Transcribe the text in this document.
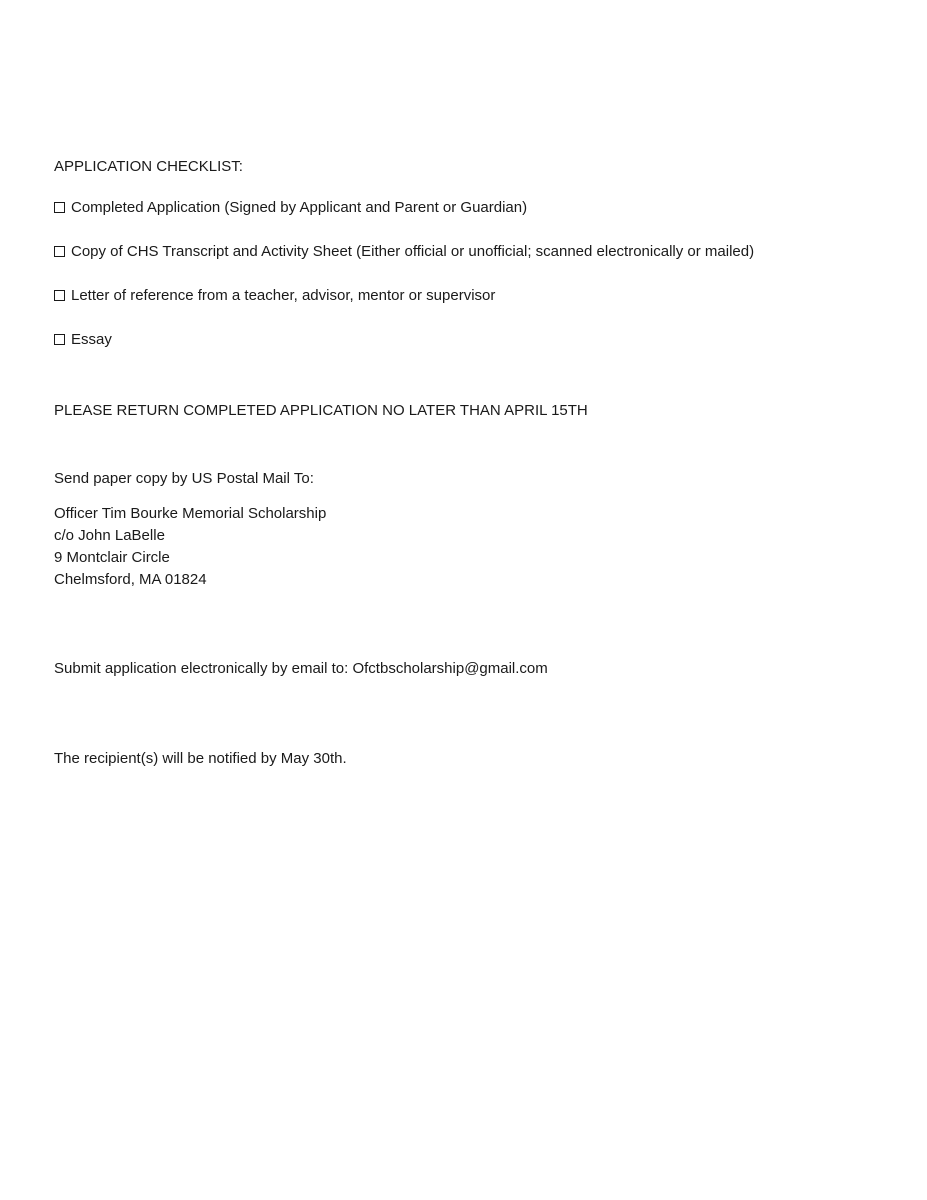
APPLICATION CHECKLIST:
Completed Application (Signed by Applicant and Parent or Guardian)
Copy of CHS Transcript and Activity Sheet (Either official or unofficial; scanned electronically or mailed)
Letter of reference from a teacher, advisor, mentor or supervisor
Essay
PLEASE RETURN COMPLETED APPLICATION NO LATER THAN APRIL 15TH
Send paper copy by US Postal Mail To:
Officer Tim Bourke Memorial Scholarship
c/o John LaBelle
9 Montclair Circle
Chelmsford, MA 01824
Submit application electronically by email to: Ofctbscholarship@gmail.com
The recipient(s) will be notified by May 30th.
